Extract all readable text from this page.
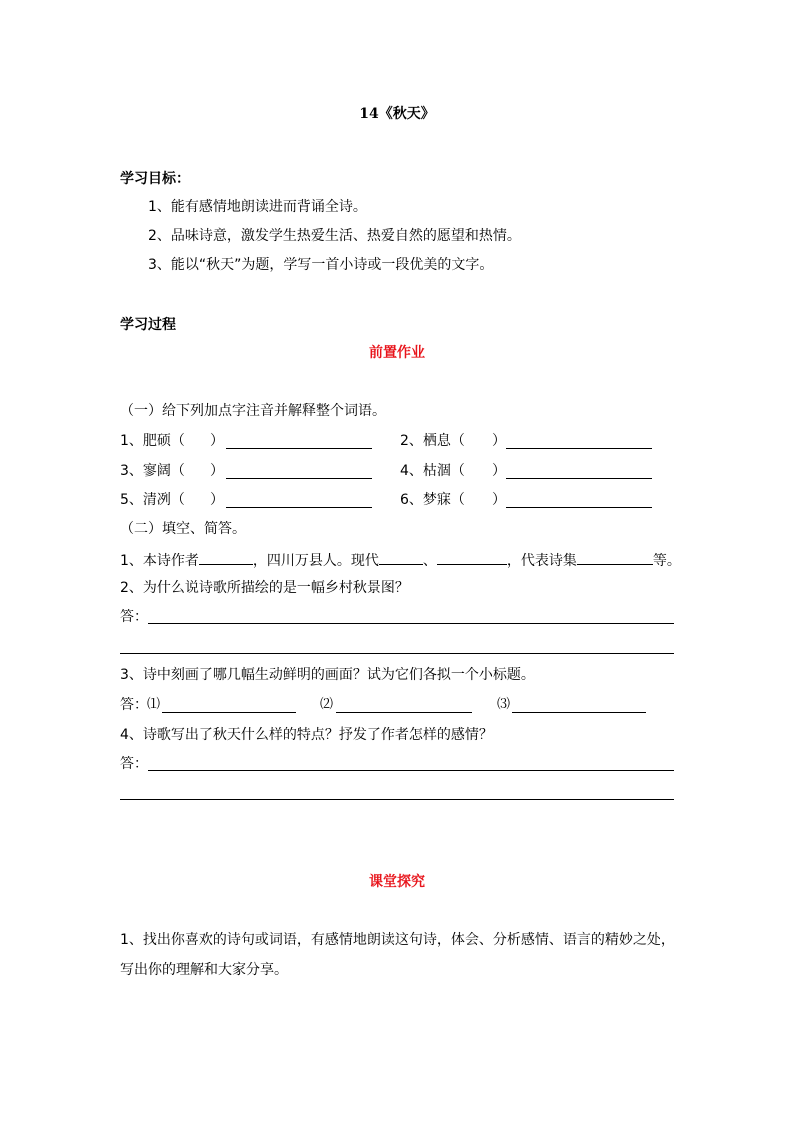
14《秋天》
学习目标：
1、能有感情地朗读进而背诵全诗。
2、品味诗意，激发学生热爱生活、热爱自然的愿望和热情。
3、能以“秋天”为题，学写一首小诗或一段优美的文字。
学习过程
前置作业
（一）给下列加点字注音并解释整个词语。
1、肥硕（ ）	2、栖息（ ）
3、寥阔（ ）	4、枯涸（ ）
5、清冽（ ）	6、梦寐（ ）
（二）填空、简答。
1、本诗作者	，四川万县人。现代	、	，代表诗集	等。
2、为什么说诗歌所描绘的是一幅乡村秋景图？
答：
3、诗中刻画了哪几幅生动鲜明的画面？试为它们各拟一个小标题。
答： ⑴	⑵	⑶
4、诗歌写出了秋天什么样的特点？抒发了作者怎样的感情？
答：
课堂探究
1、找出你喜欢的诗句或词语，有感情地朗读这句诗，体会、分析感情、语言的精妙之处，
写出你的理解和大家分享。
